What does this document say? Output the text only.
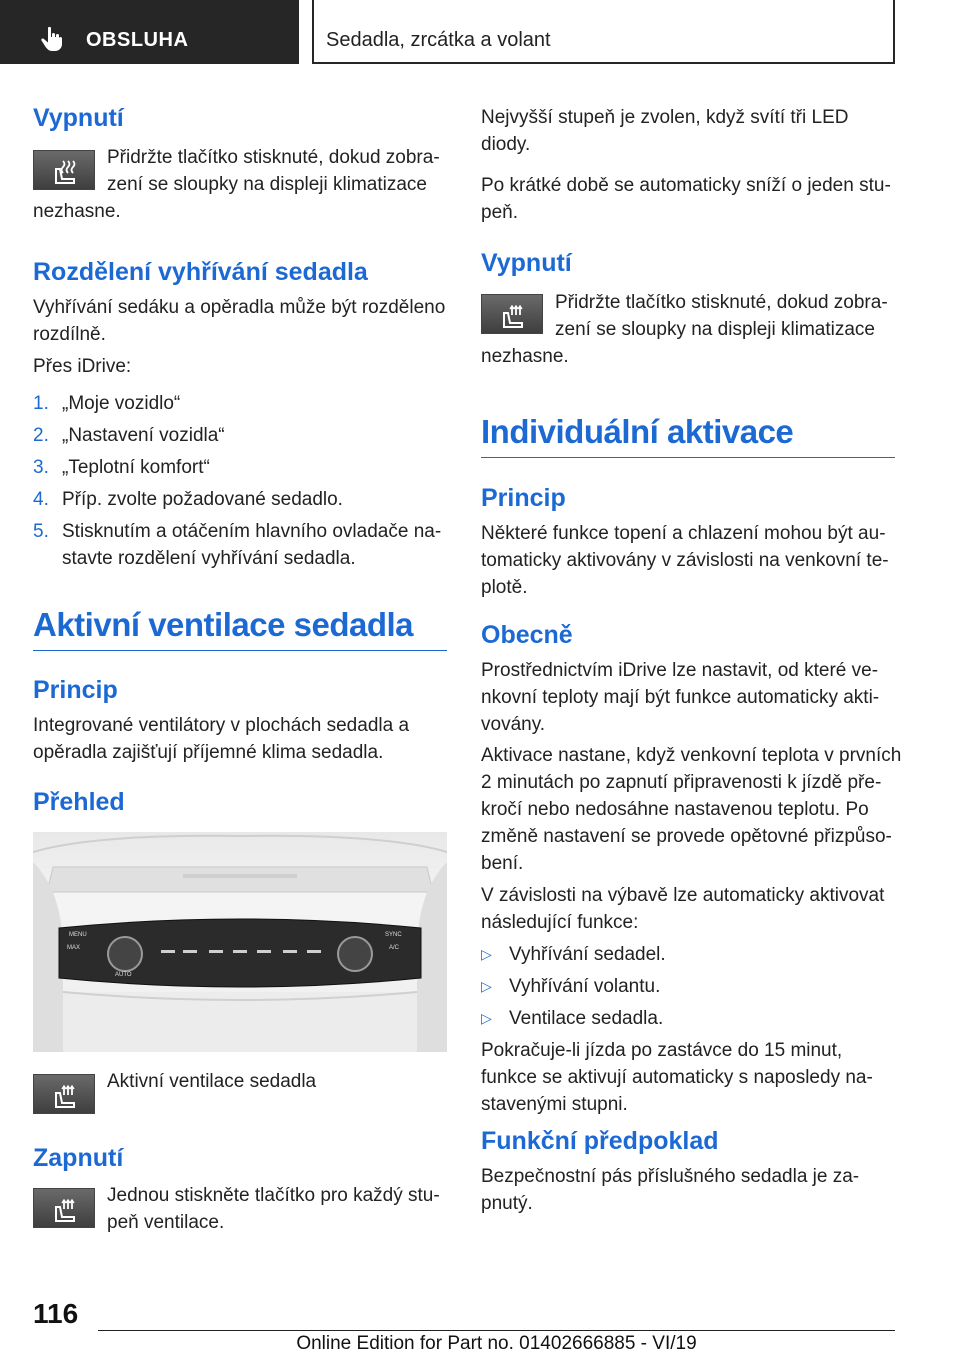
OBSLUHA	Sedadla, zrcátka a volant
Vypnutí

Přidržte tlačítko stisknuté, dokud zobra-

zení se sloupky na displeji klimatizace

nezhasne.

Rozdělení vyhřívání sedadla

Vyhřívání sedáku a opěradla může být rozděleno

rozdílně.

Přes iDrive:

1. „Moje vozidlo“
2. „Nastavení vozidla“
3. „Teplotní komfort“
4. Příp. zvolte požadované sedadlo.
5. Stisknutím a otáčením hlavního ovladače na-
stavte rozdělení vyhřívání sedadla.
Aktivní ventilace sedadla
Princip

Integrované ventilátory v plochách sedadla a

opěradla zajišťují příjemné klima sedadla.

Přehled
MENU
MAX
AUTO
SYNC
A/C

Aktivní ventilace sedadla

Zapnutí

Jednou stiskněte tlačítko pro každý stu-

peň ventilace.

Nejvyšší stupeň je zvolen, když svítí tři LED

diody.

Po krátké době se automaticky sníží o jeden stu-

peň.

Vypnutí

Přidržte tlačítko stisknuté, dokud zobra-

zení se sloupky na displeji klimatizace

nezhasne.

Individuální aktivace
Princip

Některé funkce topení a chlazení mohou být au-

tomaticky aktivovány v závislosti na venkovní te-

plotě.

Obecně

Prostřednictvím iDrive lze nastavit, od které ve-

nkovní teploty mají být funkce automaticky akti-

vovány.

Aktivace nastane, když venkovní teplota v prvních

2 minutách po zapnutí připravenosti k jízdě pře-

kročí nebo nedosáhne nastavenou teplotu. Po

změně nastavení se provede opětovné přizpůso-

bení.

V závislosti na výbavě lze automaticky aktivovat

následující funkce:

▷ Vyhřívání sedadel.
▷ Vyhřívání volantu.
▷ Ventilace sedadla.

Pokračuje-li jízda po zastávce do 15 minut,

funkce se aktivují automaticky s naposledy na-

stavenými stupni.

Funkční předpoklad

Bezpečnostní pás příslušného sedadla je za-

pnutý.

116
Online Edition for Part no. 01402666885 - VI/19
